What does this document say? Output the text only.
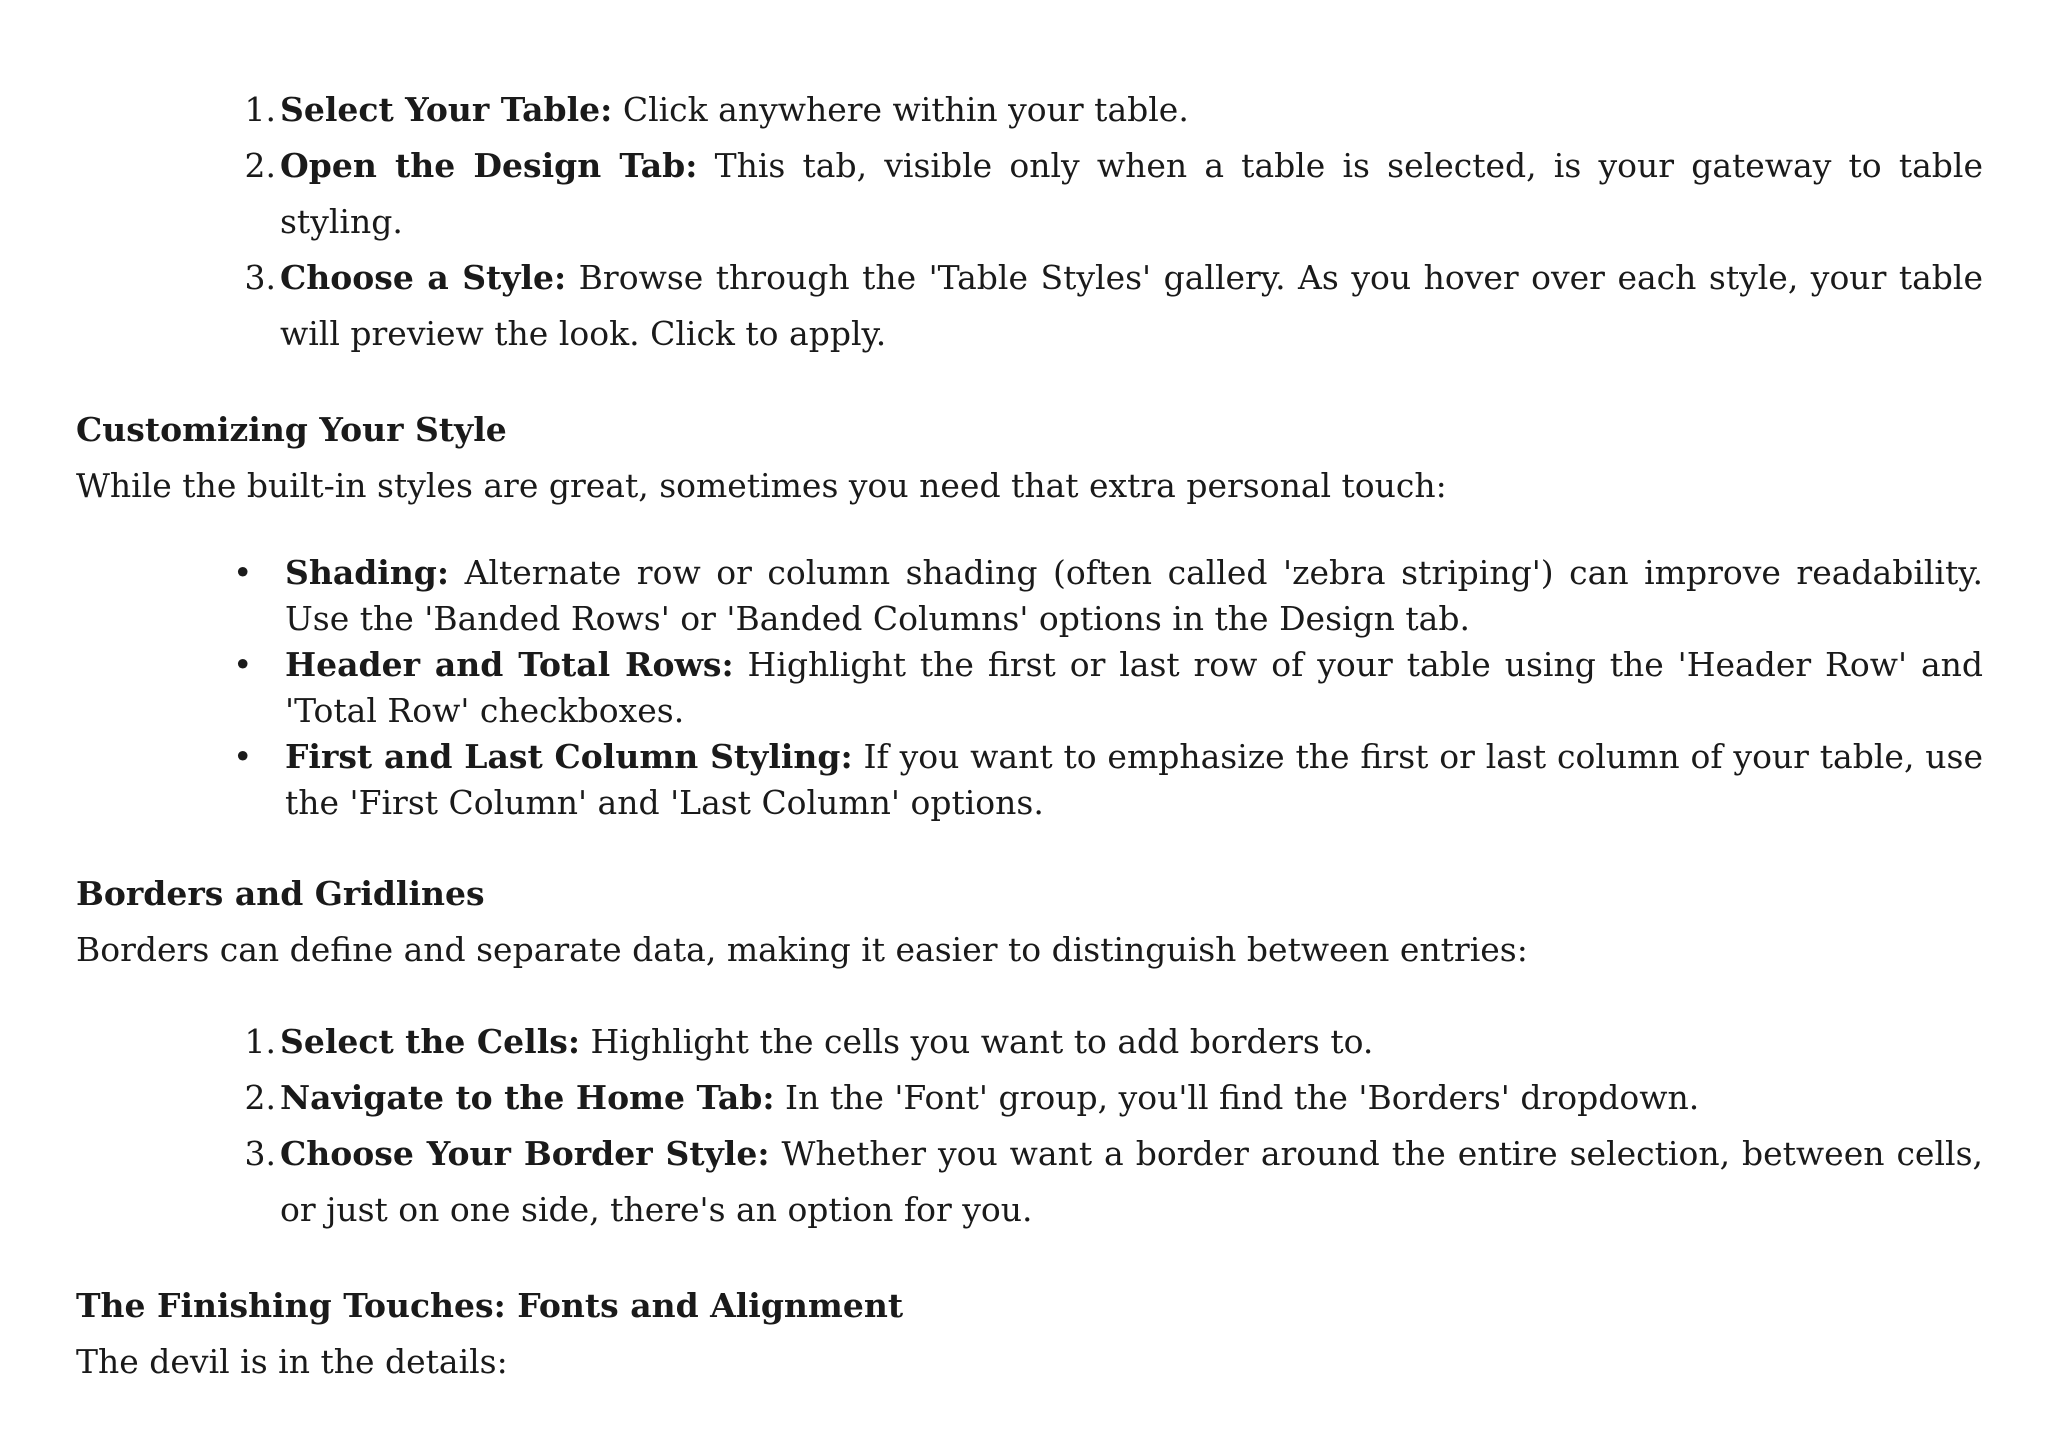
1. Select Your Table: Click anywhere within your table.
2. Open the Design Tab: This tab, visible only when a table is selected, is your gateway to table styling.
3. Choose a Style: Browse through the 'Table Styles' gallery. As you hover over each style, your table will preview the look. Click to apply.
Customizing Your Style
While the built-in styles are great, sometimes you need that extra personal touch:
• Shading: Alternate row or column shading (often called 'zebra striping') can improve readability. Use the 'Banded Rows' or 'Banded Columns' options in the Design tab.
• Header and Total Rows: Highlight the first or last row of your table using the 'Header Row' and 'Total Row' checkboxes.
• First and Last Column Styling: If you want to emphasize the first or last column of your table, use the 'First Column' and 'Last Column' options.
Borders and Gridlines
Borders can define and separate data, making it easier to distinguish between entries:
1. Select the Cells: Highlight the cells you want to add borders to.
2. Navigate to the Home Tab: In the 'Font' group, you'll find the 'Borders' dropdown.
3. Choose Your Border Style: Whether you want a border around the entire selection, between cells, or just on one side, there's an option for you.
The Finishing Touches: Fonts and Alignment
The devil is in the details:
